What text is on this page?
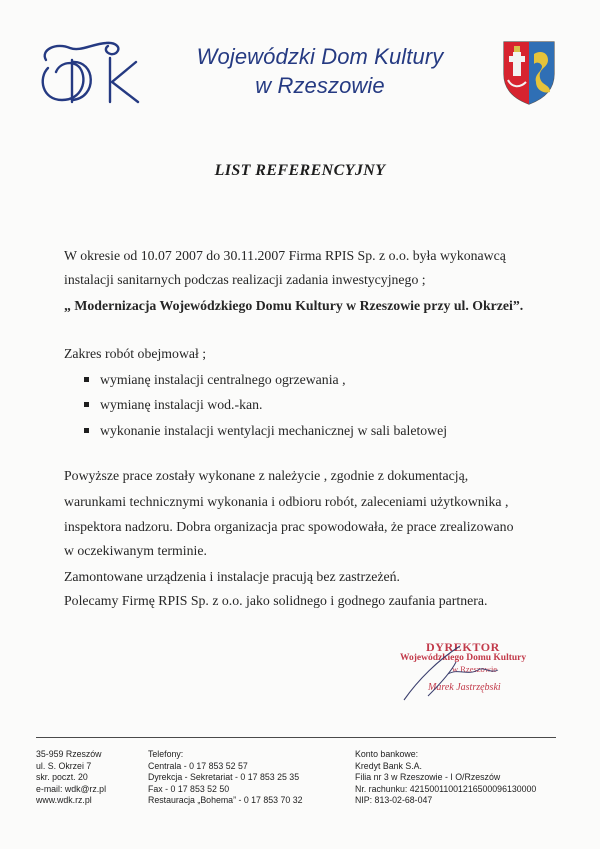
Wojewódzki Dom Kultury
w Rzeszowie
LIST REFERENCYJNY
W okresie od 10.07 2007 do 30.11.2007 Firma RPIS Sp. z o.o. była wykonawcą
instalacji sanitarnych podczas realizacji zadania inwestycyjnego ;
„ Modernizacja Wojewódzkiego Domu Kultury w Rzeszowie przy ul. Okrzei”.
Zakres robót obejmował ;
wymianę instalacji centralnego ogrzewania ,
wymianę instalacji wod.-kan.
wykonanie instalacji wentylacji mechanicznej w sali baletowej
Powyższe prace zostały wykonane z należycie , zgodnie z dokumentacją,
warunkami technicznymi wykonania i odbioru robót, zaleceniami użytkownika ,
inspektora nadzoru. Dobra organizacja prac spowodowała, że prace zrealizowano
w oczekiwanym terminie.
Zamontowane urządzenia i instalacje pracują bez zastrzeżeń.
Polecamy Firmę RPIS Sp. z o.o. jako solidnego i godnego zaufania partnera.
DYREKTOR
Wojewódzkiego Domu Kultury
w Rzeszowie
Marek Jastrzębski
35-959 Rzeszów
ul. S. Okrzei 7
skr. poczt. 20
e-mail: wdk@rz.pl
www.wdk.rz.pl
Telefony:
Centrala - 0 17 853 52 57
Dyrekcja - Sekretariat - 0 17 853 25 35
Fax - 0 17 853 52 50
Restauracja „Bohema” - 0 17 853 70 32
Konto bankowe:
Kredyt Bank S.A.
Filia nr 3 w Rzeszowie - I O/Rzeszów
Nr. rachunku: 42150011001216500096130000
NIP: 813-02-68-047
